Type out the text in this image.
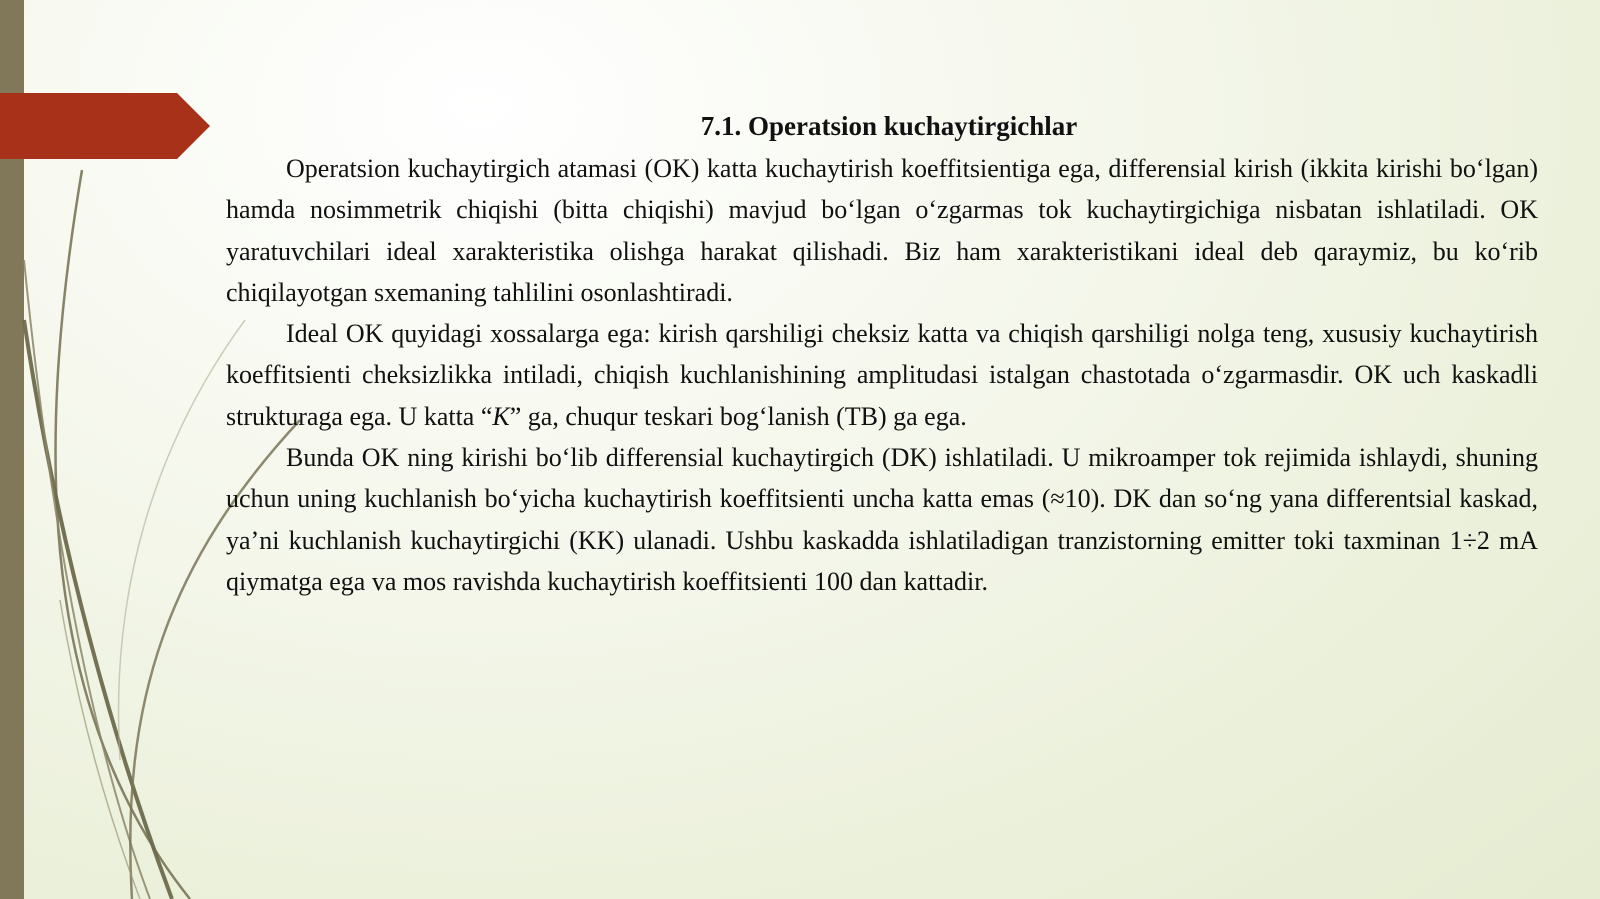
7.1. Operatsion kuchaytirgichlar

Operatsion kuchaytirgich atamasi (OK) katta kuchaytirish koeffitsientiga ega, differensial kirish (ikkita kirishi bo‘lgan) hamda nosimmetrik chiqishi (bitta chiqishi) mavjud bo‘lgan o‘zgarmas tok kuchaytirgichiga nisbatan ishlatiladi. OK yaratuvchilari ideal xarakteristika olishga harakat qilishadi. Biz ham xarakteristikani ideal deb qaraymiz, bu ko‘rib chiqilayotgan sxemaning tahlilini osonlashtiradi.

Ideal OK quyidagi xossalarga ega: kirish qarshiligi cheksiz katta va chiqish qarshiligi nolga teng, xususiy kuchaytirish koeffitsienti cheksizlikka intiladi, chiqish kuchlanishining amplitudasi istalgan chastotada o‘zgarmasdir. OK uch kaskadli strukturaga ega. U katta “K” ga, chuqur teskari bog‘lanish (TB) ga ega.

Bunda OK ning kirishi bo‘lib differensial kuchaytirgich (DK) ishlatiladi. U mikroamper tok rejimida ishlaydi, shuning uchun uning kuchlanish bo‘yicha kuchaytirish koeffitsienti uncha katta emas (≈10). DK dan so‘ng yana differentsial kaskad, ya’ni kuchlanish kuchaytirgichi (KK) ulanadi. Ushbu kaskadda ishlatiladigan tranzistorning emitter toki taxminan 1÷2 mA qiymatga ega va mos ravishda kuchaytirish koeffitsienti 100 dan kattadir.
